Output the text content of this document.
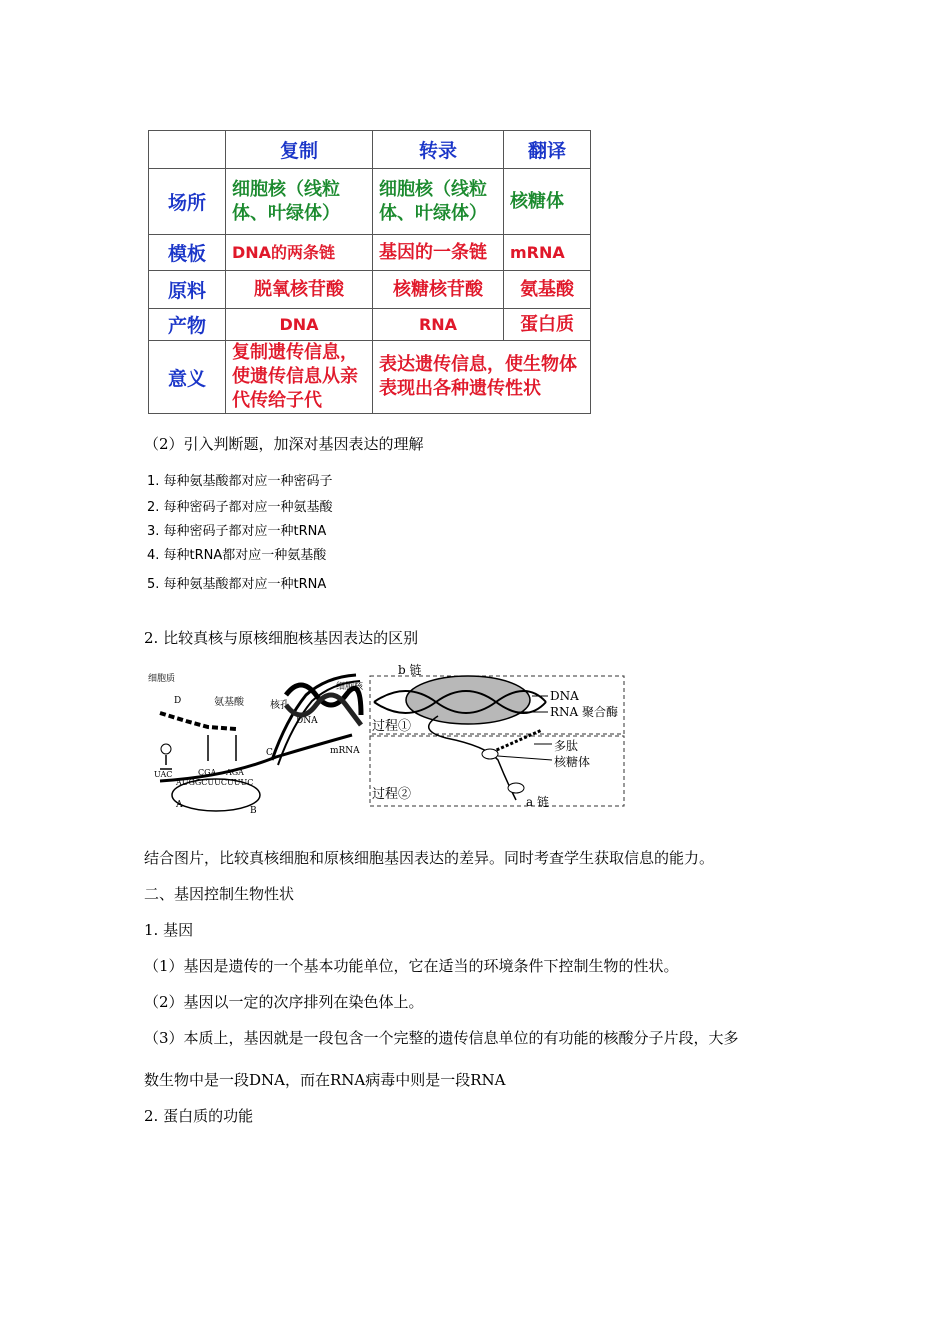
	复制	转录	翻译
场所	细胞核（线粒体、叶绿体）	细胞核（线粒体、叶绿体）	核糖体
模板	DNA的两条链	基因的一条链	mRNA
原料	脱氧核苷酸	核糖核苷酸	氨基酸
产物	DNA	RNA	蛋白质
意义	复制遗传信息，使遗传信息从亲代传给子代	表达遗传信息，使生物体表现出各种遗传性状	
（2）引入判断题，加深对基因表达的理解
1. 每种氨基酸都对应一种密码子
2. 每种密码子都对应一种氨基酸
3. 每种密码子都对应一种tRNA
4. 每种tRNA都对应一种氨基酸
5. 每种氨基酸都对应一种tRNA
2. 比较真核与原核细胞核基因表达的区别
细胞质
细胞核
氨基酸	核孔
DNA
mRNA
D
C
A
B
AUGGCUUCUUUC
UAC	CGA AGA
b 链
DNA
RNA 聚合酶
过程①
多肽
核糖体
过程②	a 链
结合图片，比较真核细胞和原核细胞基因表达的差异。同时考查学生获取信息的能力。
二、基因控制生物性状
1. 基因
（1）基因是遗传的一个基本功能单位，它在适当的环境条件下控制生物的性状。
（2）基因以一定的次序排列在染色体上。
（3）本质上，基因就是一段包含一个完整的遗传信息单位的有功能的核酸分子片段，大多
数生物中是一段DNA，而在RNA病毒中则是一段RNA
2. 蛋白质的功能
